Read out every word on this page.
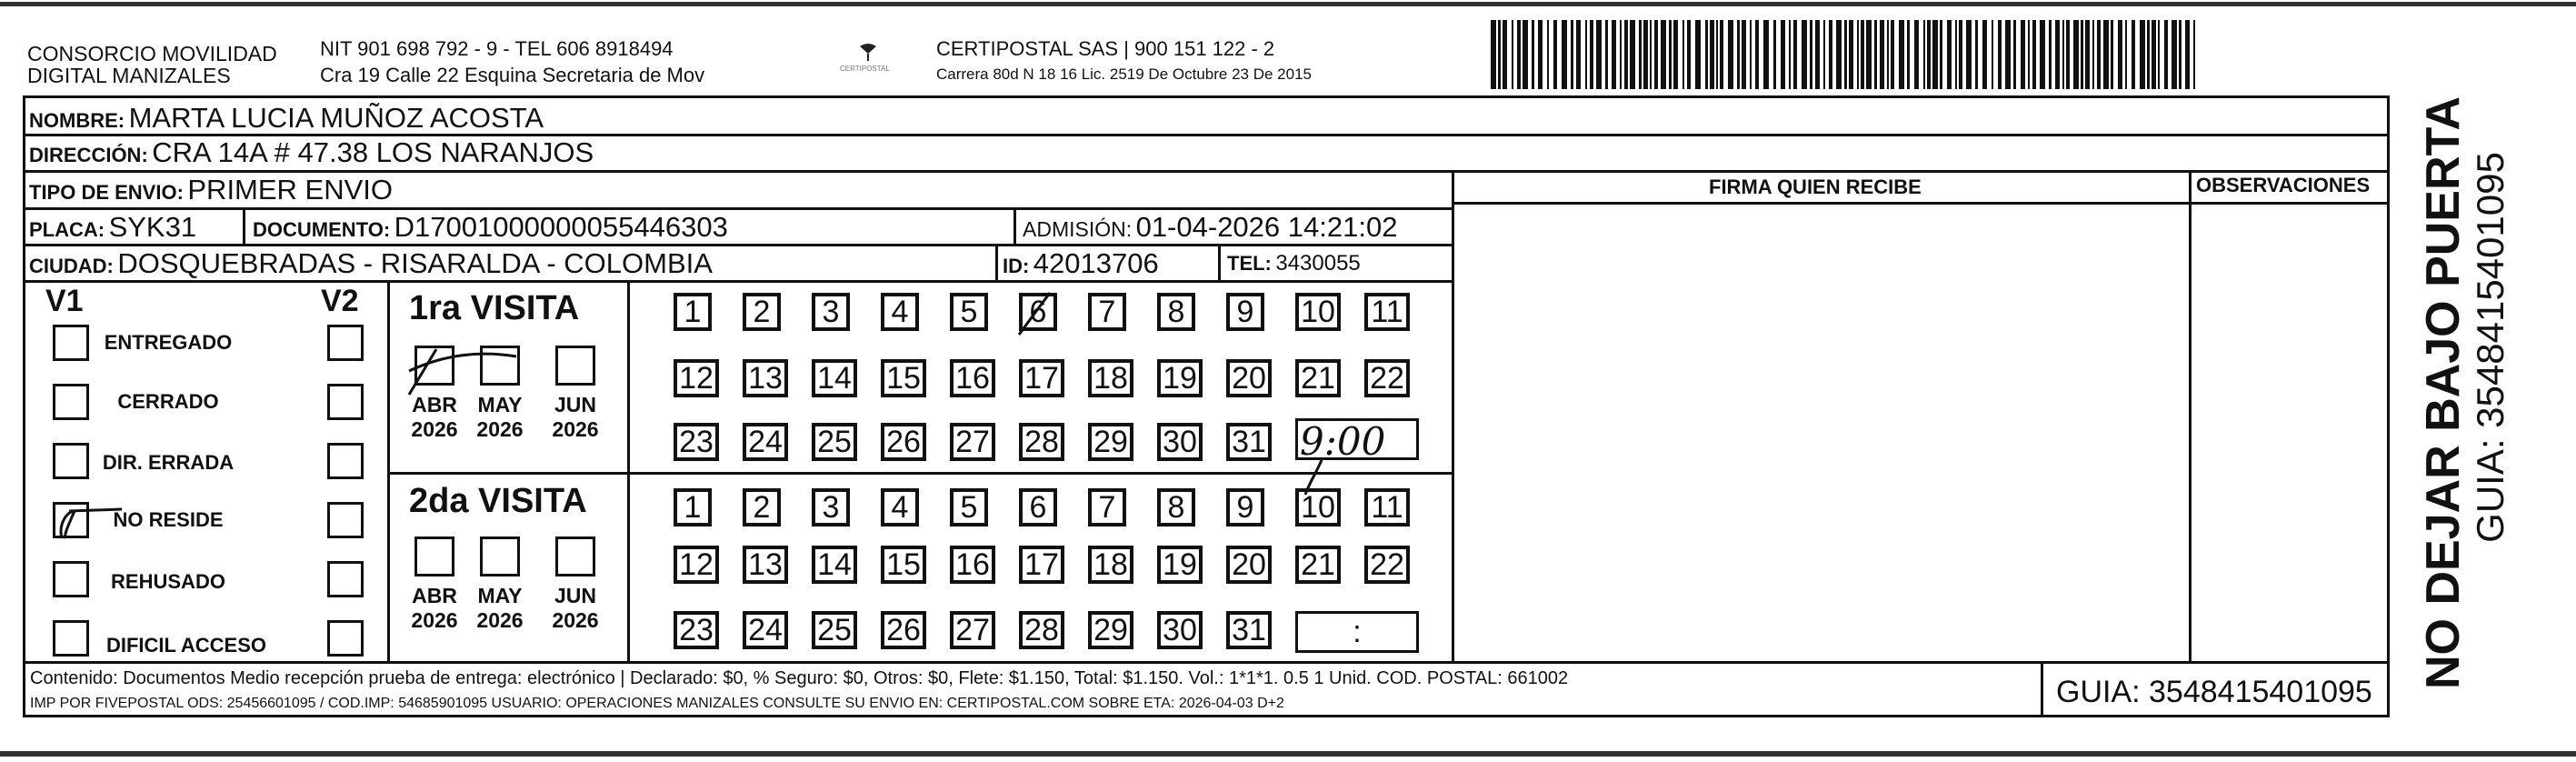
CONSORCIO MOVILIDAD
DIGITAL MANIZALES
NIT 901 698 792 - 9 - TEL 606 8918494
Cra 19 Calle 22 Esquina Secretaria de Mov	CERTIPOSTAL
CERTIPOSTAL SAS | 900 151 122 - 2
Carrera 80d N 18 16 Lic. 2519 De Octubre 23 De 2015
NOMBRE: MARTA LUCIA MUÑOZ ACOSTA
DIRECCIÓN: CRA 14A # 47.38 LOS NARANJOS
TIPO DE ENVIO: PRIMER ENVIO
PLACA: SYK31	DOCUMENTO: D17001000000055446303	ADMISIÓN: 01-04-2026 14:21:02
CIUDAD: DOSQUEBRADAS - RISARALDA - COLOMBIA	ID: 42013706	TEL: 3430055
FIRMA QUIEN RECIBE	OBSERVACIONES
V1	V2
ENTREGADO
CERRADO
DIR. ERRADA
NO RESIDE
REHUSADO
DIFICIL ACCESO
1ra VISITA
2da VISITA
ABR
2026
MAY
2026
JUN
2026
ABR
2026
MAY
2026
JUN
2026
1	2	3	4	5	6	7	8	9	10 11
12 13 14 15 16 17 18 19 20 21 22
23 24 25 26 27 28 29 30 31
1	2	3	4	5	6	7	8	9	10 11
12 13 14 15 16 17 18 19 20 21 22
23 24 25 26 27 28 29 30 31	:
9:00
Contenido: Documentos Medio recepción prueba de entrega: electrónico | Declarado: $0, % Seguro: $0, Otros: $0, Flete: $1.150, Total: $1.150. Vol.: 1*1*1. 0.5 1 Unid. COD. POSTAL: 661002
IMP POR FIVEPOSTAL ODS: 25456601095 / COD.IMP: 54685901095 USUARIO: OPERACIONES MANIZALES CONSULTE SU ENVIO EN: CERTIPOSTAL.COM SOBRE ETA: 2026-04-03 D+2	GUIA: 3548415401095
NO DEJAR BAJO PUERTA GUIA: 3548415401095
